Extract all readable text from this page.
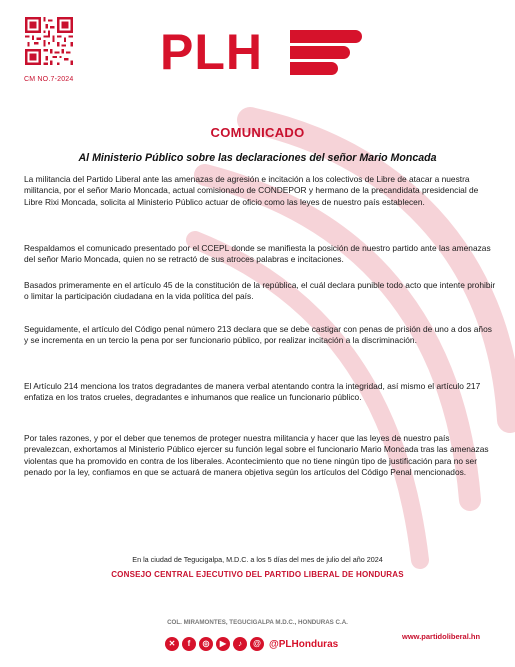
CM NO.7-2024 PLH
COMUNICADO
Al Ministerio Público sobre las declaraciones del señor Mario Moncada

La militancia del Partido Liberal ante las amenazas de agresión e incitación a los colectivos de Libre de atacar a nuestra militancia, por el señor Mario Moncada, actual comisionado de CONDEPOR y hermano de la precandidata presidencial de Libre Rixi Moncada, solicita al Ministerio Público actuar de oficio como las leyes de nuestro país establecen.

Respaldamos el comunicado presentado por el CCEPL donde se manifiesta la posición de nuestro partido ante las amenazas del señor Mario Moncada, quien no se retractó de sus atroces palabras e incitaciones.

Basados primeramente en el artículo 45 de la constitución de la república, el cuál declara punible todo acto que intente prohibir o limitar la participación ciudadana en la vida política del país.

Seguidamente, el artículo del Código penal número 213 declara que se debe castigar con penas de prisión de uno a dos años y se incrementa en un tercio la pena por ser funcionario público, por realizar incitación a la discriminación.

El Artículo 214 menciona los tratos degradantes de manera verbal atentando contra la integridad, así mismo el artículo 217 enfatiza en los tratos crueles, degradantes e inhumanos que realice un funcionario público.

Por tales razones, y por el deber que tenemos de proteger nuestra militancia y hacer que las leyes de nuestro país prevalezcan, exhortamos al Ministerio Público ejercer su función legal sobre el funcionario Mario Moncada tras las amenazas violentas que ha promovido en contra de los liberales. Acontecimiento que no tiene ningún tipo de justificación para no ser penado por la ley, confiamos en que se actuará de manera objetiva según los artículos del Código Penal mencionados.

En la ciudad de Tegucigalpa, M.D.C. a los 5 días del mes de julio del año 2024
CONSEJO CENTRAL EJECUTIVO DEL PARTIDO LIBERAL DE HONDURAS
COL. MIRAMONTES, TEGUCIGALPA M.D.C., HONDURAS C.A.
✕	f	◎	▶	♪	@ @PLHonduras
www.partidoliberal.hn
